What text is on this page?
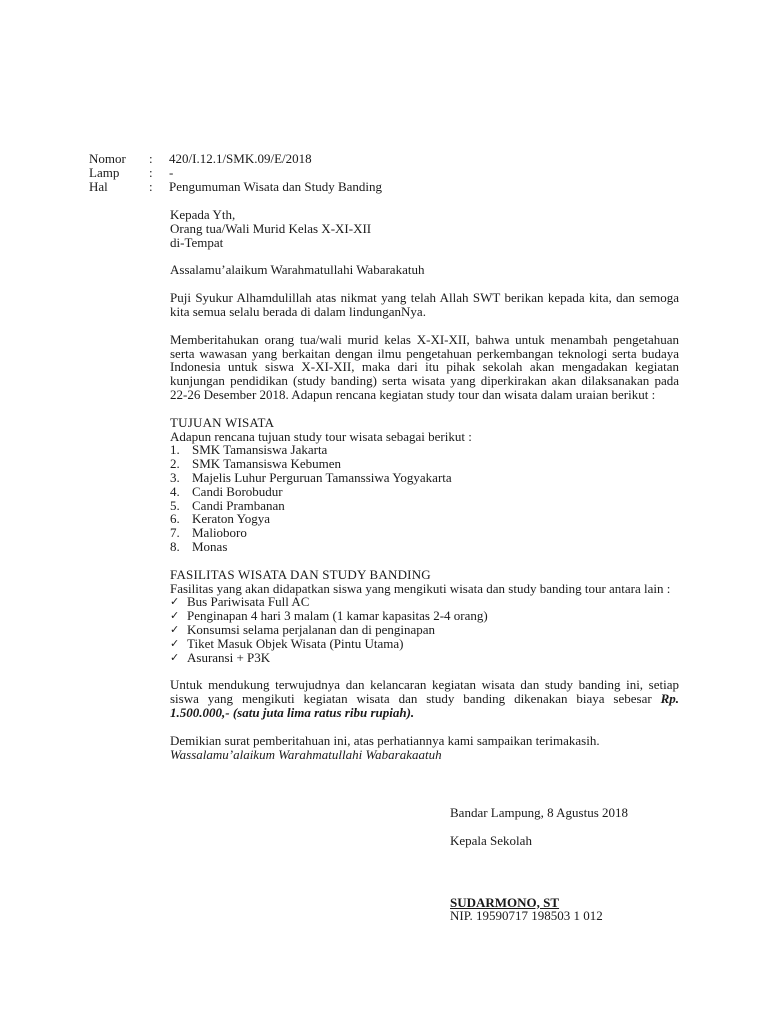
Nomor	:	420/I.12.1/SMK.09/E/2018
Lamp	:	-
Hal	:	Pengumuman Wisata dan Study Banding

Kepada Yth,

Orang tua/Wali Murid Kelas X-XI-XII

di-Tempat

Assalamu’alaikum Warahmatullahi Wabarakatuh

Puji Syukur Alhamdulillah atas nikmat yang telah Allah SWT berikan kepada kita, dan semoga kita semua selalu berada di dalam lindunganNya.

Memberitahukan orang tua/wali murid kelas X-XI-XII, bahwa untuk menambah pengetahuan serta wawasan yang berkaitan dengan ilmu pengetahuan perkembangan teknologi serta budaya Indonesia untuk siswa X-XI-XII, maka dari itu pihak sekolah akan mengadakan kegiatan kunjungan pendidikan (study banding) serta wisata yang diperkirakan akan dilaksanakan pada 22-26 Desember 2018. Adapun rencana kegiatan study tour dan wisata dalam uraian berikut :

TUJUAN WISATA

Adapun rencana tujuan study tour wisata sebagai berikut :

1. SMK Tamansiswa Jakarta
2. SMK Tamansiswa Kebumen
3. Majelis Luhur Perguruan Tamanssiwa Yogyakarta
4. Candi Borobudur
5. Candi Prambanan
6. Keraton Yogya
7. Malioboro
8. Monas

FASILITAS WISATA DAN STUDY BANDING

Fasilitas yang akan didapatkan siswa yang mengikuti wisata dan study banding tour antara lain :

✓ Bus Pariwisata Full AC
✓ Penginapan 4 hari 3 malam (1 kamar kapasitas 2-4 orang)
✓ Konsumsi selama perjalanan dan di penginapan
✓ Tiket Masuk Objek Wisata (Pintu Utama)
✓ Asuransi + P3K

Untuk mendukung terwujudnya dan kelancaran kegiatan wisata dan study banding ini, setiap siswa yang mengikuti kegiatan wisata dan study banding dikenakan biaya sebesar Rp. 1.500.000,- (satu juta lima ratus ribu rupiah).

Demikian surat pemberitahuan ini, atas perhatiannya kami sampaikan terimakasih.

Wassalamu’alaikum Warahmatullahi Wabarakaatuh

Bandar Lampung, 8 Agustus 2018

Kepala Sekolah

SUDARMONO, ST

NIP. 19590717 198503 1 012
